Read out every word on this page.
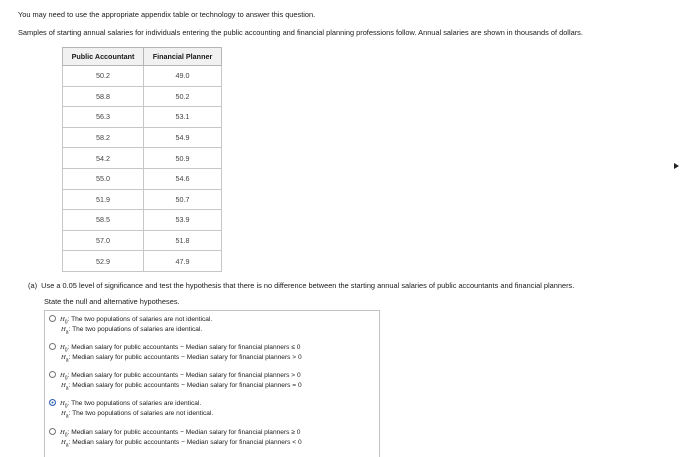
You may need to use the appropriate appendix table or technology to answer this question.
Samples of starting annual salaries for individuals entering the public accounting and financial planning professions follow. Annual salaries are shown in thousands of dollars.
Public Accountant	Financial Planner
50.2	49.0
58.8	50.2
56.3	53.1
58.2	54.9
54.2	50.9
55.0	54.6
51.9	50.7
58.5	53.9
57.0	51.8
52.9	47.9
(a) Use a 0.05 level of significance and test the hypothesis that there is no difference between the starting annual salaries of public accountants and financial planners.
State the null and alternative hypotheses.
$H_0$: The two populations of salaries are not identical.
$H_a$: The two populations of salaries are identical.
$H_0$: Median salary for public accountants − Median salary for financial planners ≤ 0
$H_a$: Median salary for public accountants − Median salary for financial planners > 0
$H_0$: Median salary for public accountants − Median salary for financial planners > 0
$H_a$: Median salary for public accountants − Median salary for financial planners = 0
$H_0$: The two populations of salaries are identical.
$H_a$: The two populations of salaries are not identical.
$H_0$: Median salary for public accountants − Median salary for financial planners ≥ 0
$H_a$: Median salary for public accountants − Median salary for financial planners < 0
